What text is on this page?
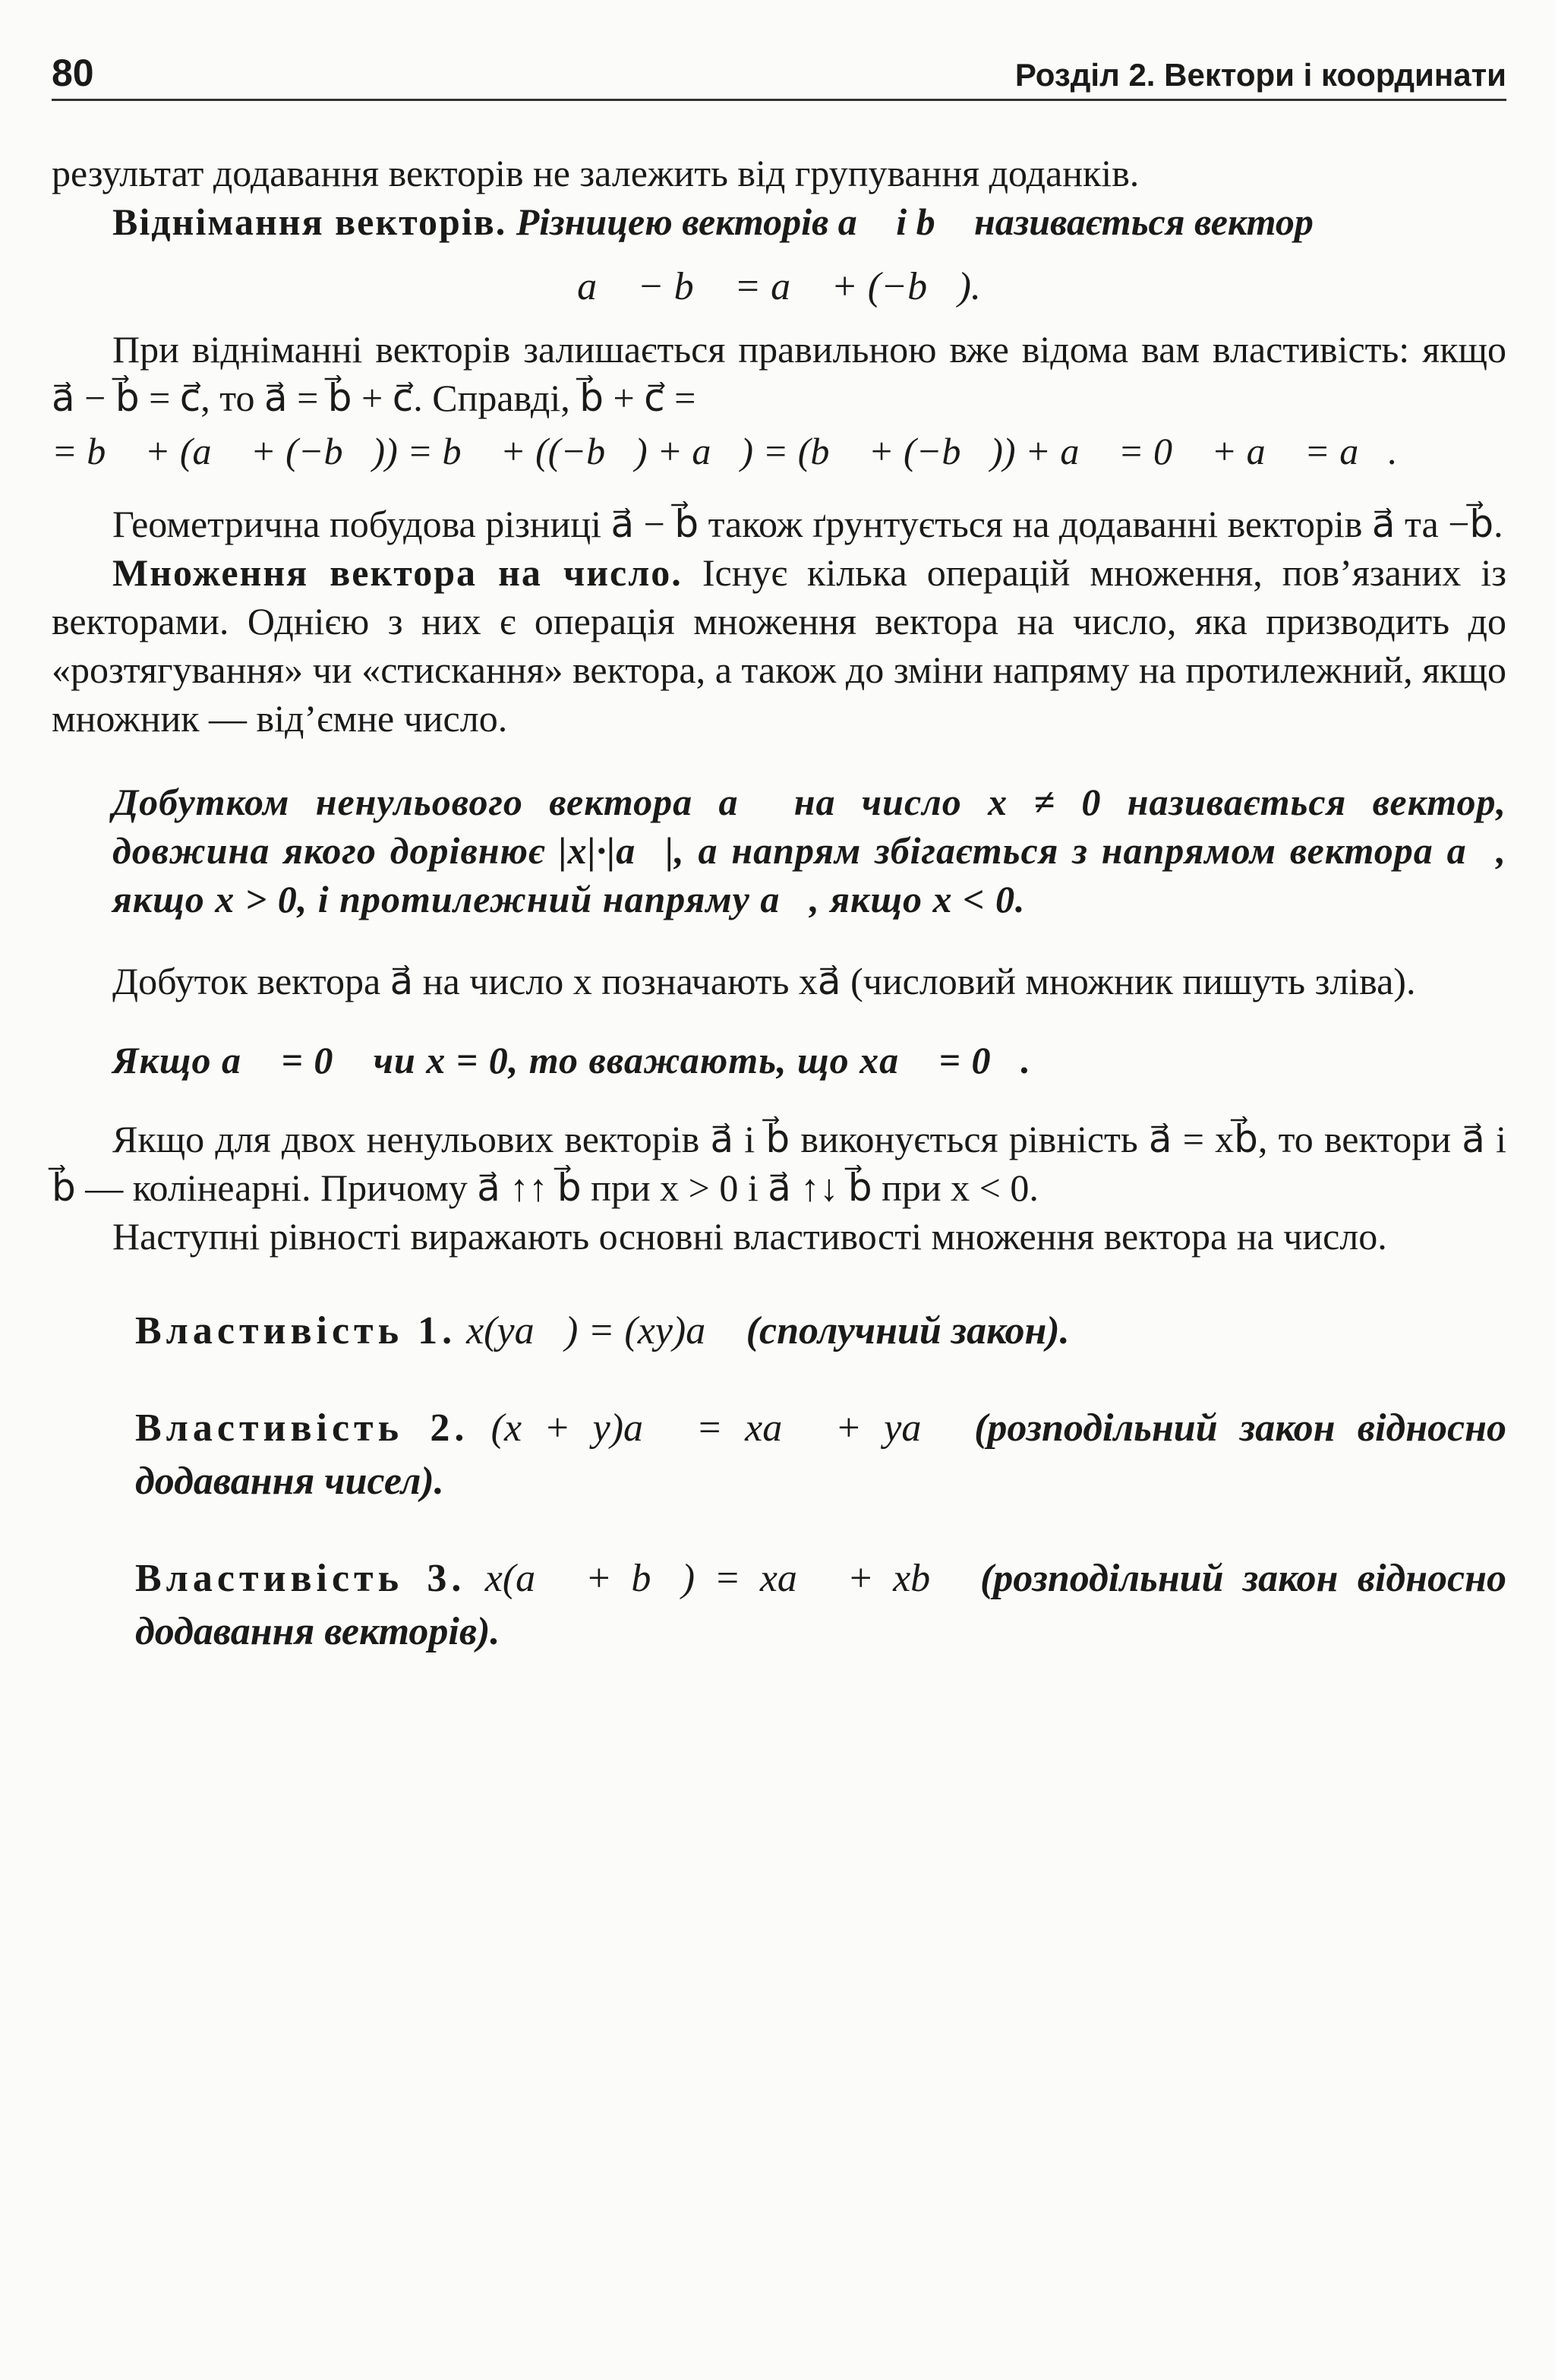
80	Розділ 2. Вектори і координати

результат додавання векторів не залежить від групування доданків.

Віднімання векторів. Різницею векторів a⃗ і b⃗ називається вектор

a⃗ − b⃗ = a⃗ + (−b⃗).

При відніманні векторів залишається правильною вже відома вам властивість: якщо a⃗ − b⃗ = c⃗, то a⃗ = b⃗ + c⃗. Справді, b⃗ + c⃗ =

= b⃗ + (a⃗ + (−b⃗)) = b⃗ + ((−b⃗) + a⃗) = (b⃗ + (−b⃗)) + a⃗ = 0⃗ + a⃗ = a⃗.

Геометрична побудова різниці a⃗ − b⃗ також ґрунтується на додаванні векторів a⃗ та −b⃗.

Множення вектора на число. Існує кілька операцій множення, пов’язаних із векторами. Однією з них є операція множення вектора на число, яка призводить до «розтягування» чи «стискання» вектора, а також до зміни напряму на протилежний, якщо множник — від’ємне число.

Добутком ненульового вектора a⃗ на число x ≠ 0 називається вектор, довжина якого дорівнює |x|·|a⃗|, а напрям збігається з напрямом вектора a⃗, якщо x > 0, і протилежний напряму a⃗, якщо x < 0.

Добуток вектора a⃗ на число x позначають xa⃗ (числовий множник пишуть зліва).

Якщо a⃗ = 0⃗ чи x = 0, то вважають, що xa⃗ = 0⃗.

Якщо для двох ненульових векторів a⃗ і b⃗ виконується рівність a⃗ = xb⃗, то вектори a⃗ і b⃗ — колінеарні. Причому a⃗ ↑↑ b⃗ при x > 0 і a⃗ ↑↓ b⃗ при x < 0.

Наступні рівності виражають основні властивості множення вектора на число.

Властивість 1. x(ya⃗) = (xy)a⃗ (сполучний закон).

Властивість 2. (x + y)a⃗ = xa⃗ + ya⃗ (розподільний закон відносно додавання чисел).

Властивість 3. x(a⃗ + b⃗) = xa⃗ + xb⃗ (розподільний закон відносно додавання векторів).
